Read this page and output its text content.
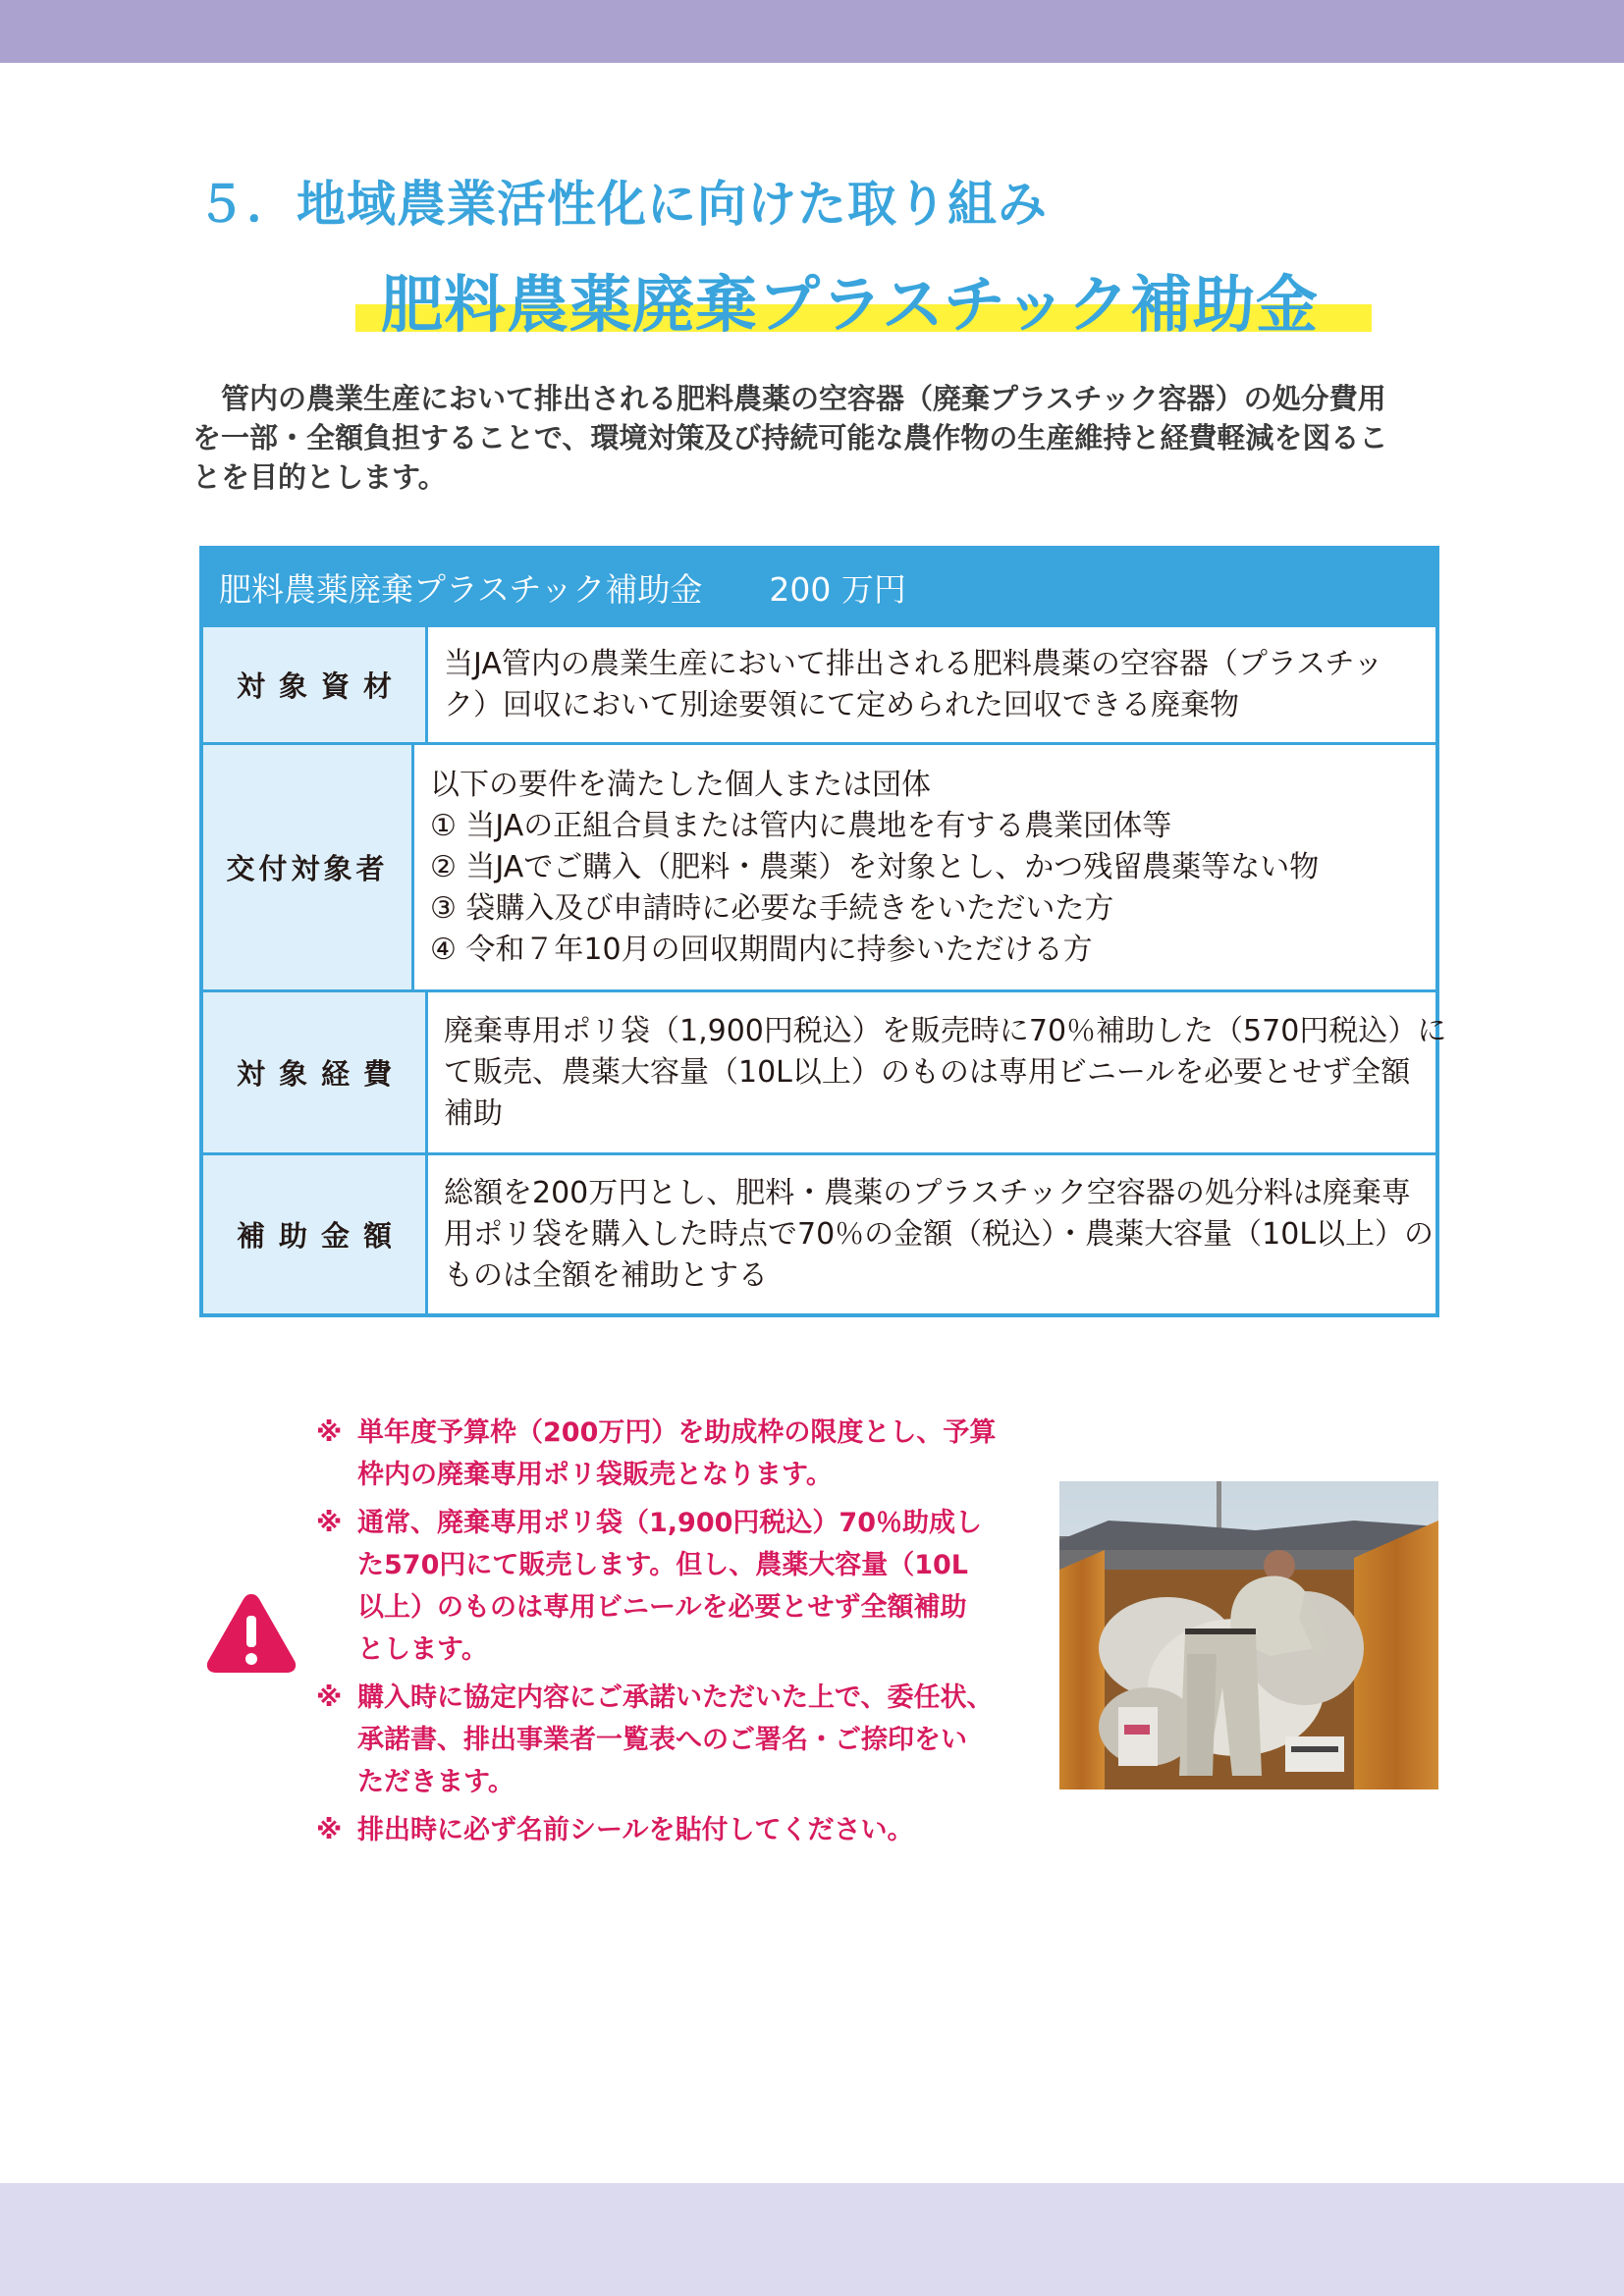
５．地域農業活性化に向けた取り組み
肥料農薬廃棄プラスチック補助金
　管内の農業生産において排出される肥料農薬の空容器（廃棄プラスチック容器）の処分費用
を一部・全額負担することで、環境対策及び持続可能な農作物の生産維持と経費軽減を図るこ
とを目的とします。
肥料農薬廃棄プラスチック補助金 200 万円
対象資材
当JA管内の農業生産において排出される肥料農薬の空容器（プラスチッ
ク）回収において別途要領にて定められた回収できる廃棄物
交付対象者
以下の要件を満たした個人または団体
① 当JAの正組合員または管内に農地を有する農業団体等
② 当JAでご購入（肥料・農薬）を対象とし、かつ残留農薬等ない物
③ 袋購入及び申請時に必要な手続きをいただいた方
④ 令和７年10月の回収期間内に持参いただける方
対象経費
廃棄専用ポリ袋（1,900円税込）を販売時に70％補助した（570円税込）に
て販売、農薬大容量（10L以上）のものは専用ビニールを必要とせず全額
補助
補助金額
総額を200万円とし、肥料・農薬のプラスチック空容器の処分料は廃棄専
用ポリ袋を購入した時点で70％の金額（税込）・農薬大容量（10L以上）の
ものは全額を補助とする
※ 単年度予算枠（200万円）を助成枠の限度とし、予算
枠内の廃棄専用ポリ袋販売となります。
※ 通常、廃棄専用ポリ袋（1,900円税込）70％助成し
た570円にて販売します。但し、農薬大容量（10L
以上）のものは専用ビニールを必要とせず全額補助
とします。
※ 購入時に協定内容にご承諾いただいた上で、委任状、
承諾書、排出事業者一覧表へのご署名・ご捺印をい
ただきます。
※ 排出時に必ず名前シールを貼付してください。
